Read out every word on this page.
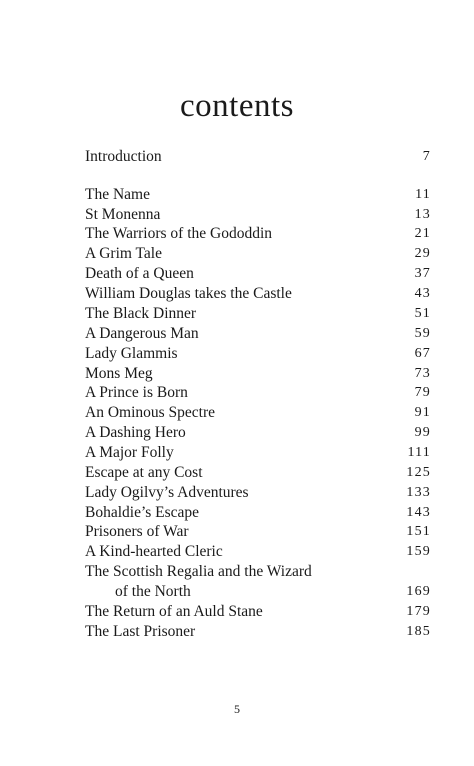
contents
Introduction	7
The Name	11
St Monenna	13
The Warriors of the Gododdin	21
A Grim Tale	29
Death of a Queen	37
William Douglas takes the Castle	43
The Black Dinner	51
A Dangerous Man	59
Lady Glammis	67
Mons Meg	73
A Prince is Born	79
An Ominous Spectre	91
A Dashing Hero	99
A Major Folly	111
Escape at any Cost	125
Lady Ogilvy’s Adventures	133
Bohaldie’s Escape	143
Prisoners of War	151
A Kind-hearted Cleric	159
The Scottish Regalia and the Wizard
of the North	169
The Return of an Auld Stane	179
The Last Prisoner	185
5
